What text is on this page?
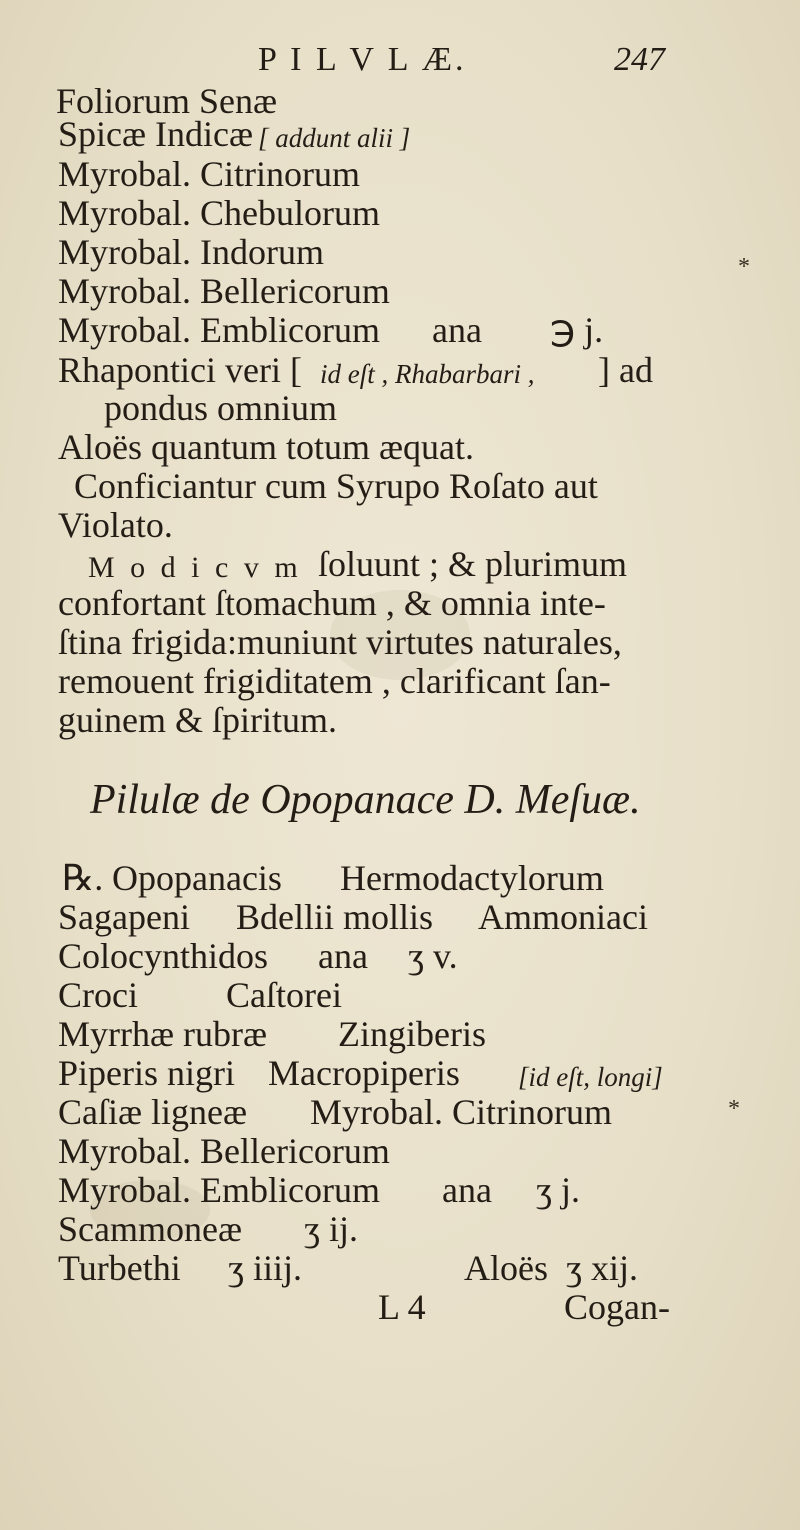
P I L V L Æ.	247
Foliorum Senæ
Spicæ Indicæ [ addunt alii ]
Myrobal. Citrinorum
Myrobal. Chebulorum
Myrobal. Indorum
Myrobal. Bellericorum
Myrobal. Emblicorum ana ℈ j.
Rhapontici veri [ id eſt , Rhabarbari , ] ad
pondus omnium
Aloës quantum totum æquat.
Conficiantur cum Syrupo Roſato aut
Violato.
M o d i c v m ſoluunt ; & plurimum
confortant ſtomachum , & omnia inte-
ſtina frigida:muniunt virtutes naturales,
remouent frigiditatem , clarificant ſan-
guinem & ſpiritum.
Pilulæ de Opopanace D. Meſuæ.
℞. Opopanacis Hermodactylorum
Sagapeni Bdellii mollis Ammoniaci
Colocynthidos ana ʒ v.
Croci Caſtorei
Myrrhæ rubræ Zingiberis
Piperis nigri Macropiperis [id eſt, longi]
Caſiæ ligneæ Myrobal. Citrinorum
Myrobal. Bellericorum
Myrobal. Emblicorum ana ʒ j.
Scammoneæ ʒ ij.
Turbethi ʒ iiij.	Aloës ʒ xij.
L 4	Cogan-
*
*
